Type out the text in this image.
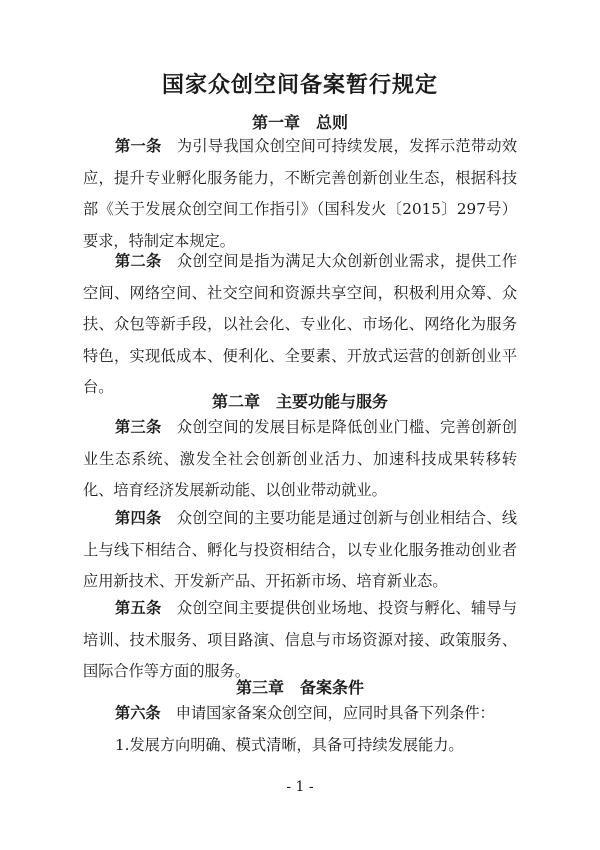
国家众创空间备案暂行规定
第一章 总则
第一条　 为引导我国众创空间可持续发展，发挥示范带动效应，提升专业孵化服务能力，不断完善创新创业生态，根据科技部《关于发展众创空间工作指引》（国科发火〔2015〕297号）要求，特制定本规定。
第二条　 众创空间是指为满足大众创新创业需求，提供工作空间、网络空间、社交空间和资源共享空间，积极利用众筹、众扶、众包等新手段，以社会化、专业化、市场化、网络化为服务特色，实现低成本、便利化、全要素、开放式运营的创新创业平台。
第二章 主要功能与服务
第三条　 众创空间的发展目标是降低创业门槛、完善创新创业生态系统、激发全社会创新创业活力、加速科技成果转移转化、培育经济发展新动能、以创业带动就业。
第四条　 众创空间的主要功能是通过创新与创业相结合、线上与线下相结合、孵化与投资相结合，以专业化服务推动创业者应用新技术、开发新产品、开拓新市场、培育新业态。
第五条　 众创空间主要提供创业场地、投资与孵化、辅导与培训、技术服务、项目路演、信息与市场资源对接、政策服务、国际合作等方面的服务。
第三章 备案条件
第六条　 申请国家备案众创空间，应同时具备下列条件：
1.发展方向明确、模式清晰，具备可持续发展能力。
- 1 -
